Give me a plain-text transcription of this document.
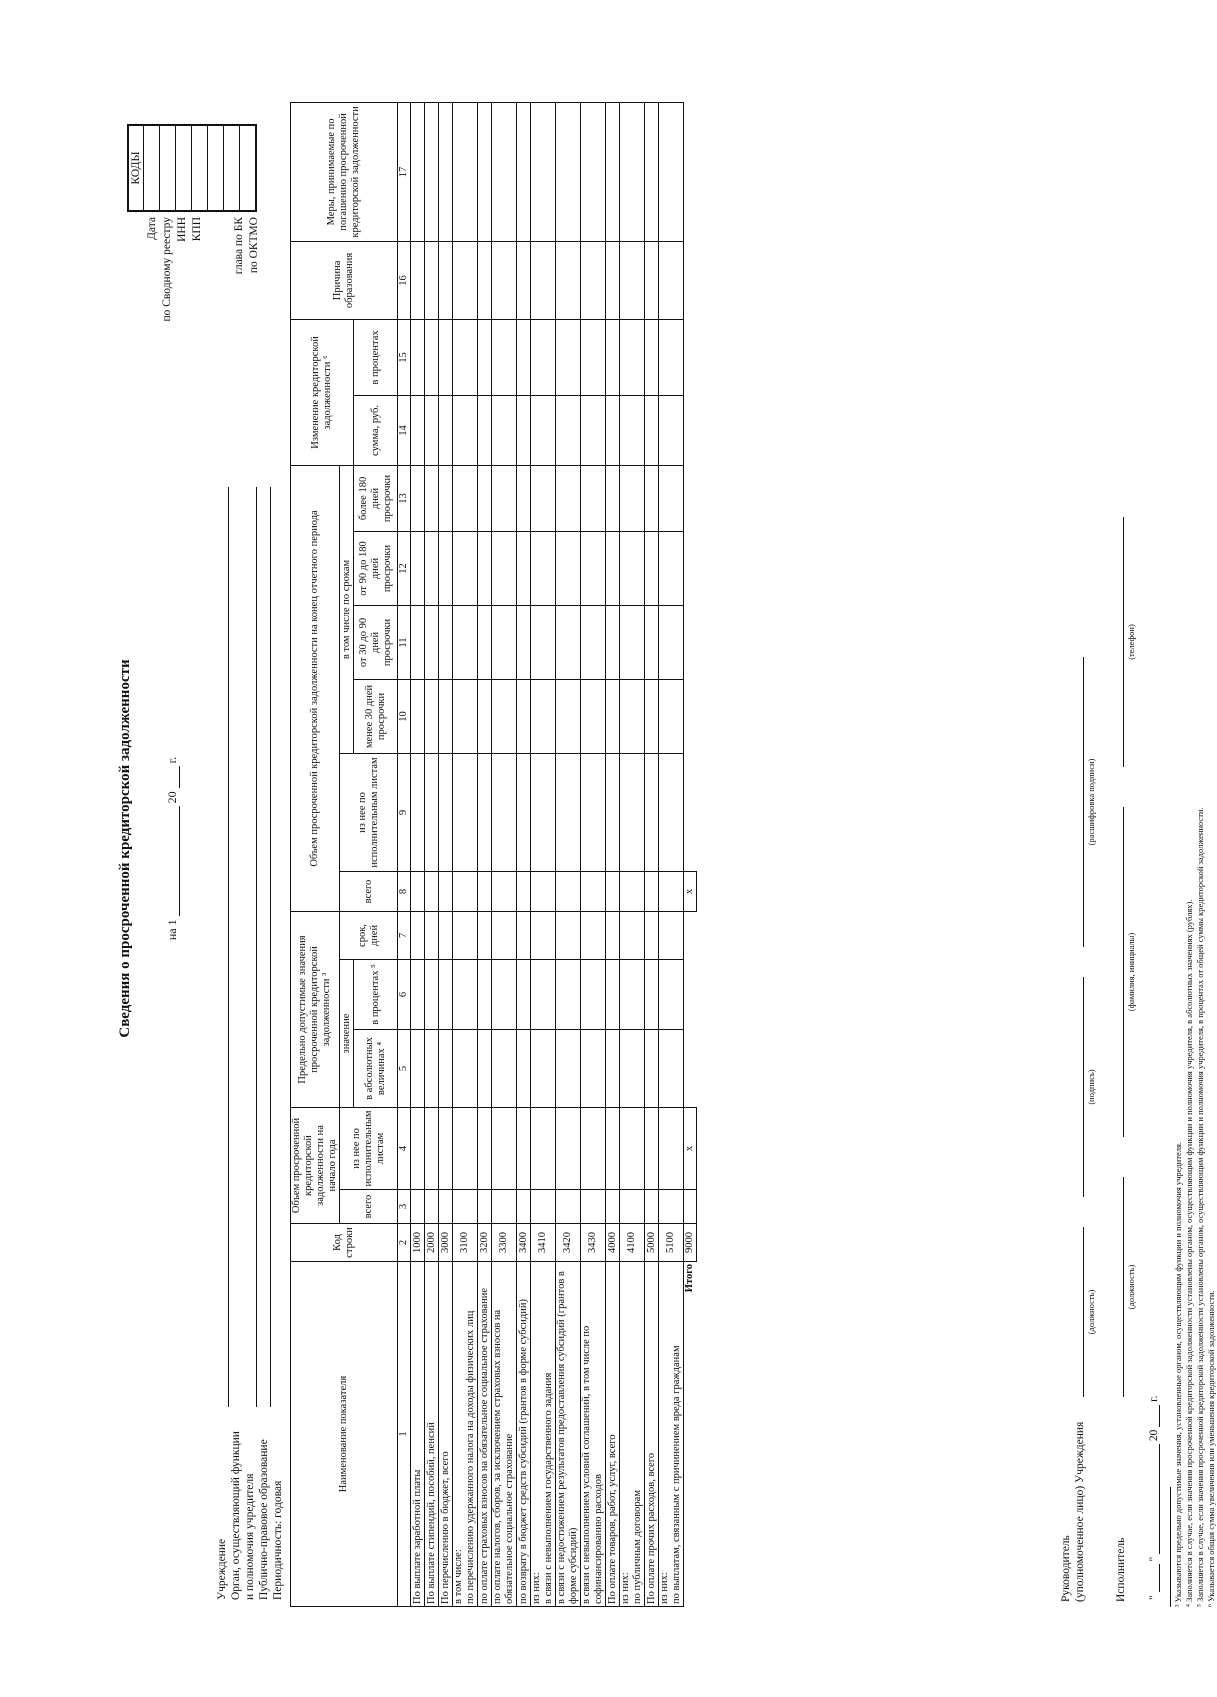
Сведения о просроченной кредиторской задолженности	на 1  20  г.
КОДЫ

Дата по Сводному реестру ИНН КПП	глава по БК по ОКТМО
Учреждение Орган, осуществляющий функции и полномочия учредителя Публично-правовое образование Периодичность: годовая
Наименование показателя	Код строки	Объем просроченной кредиторской задолженности на начало года		Предельно допустимые значения просроченной кредиторской задолженности ³			Объем просроченной кредиторской задолженности на конец отчетного периода						Изменение кредиторской задолженности ⁶		Причина образования	Меры, принимаемые по погашению просроченной кредиторской задолженности

		всего	из нее по исполнительным листам	значение		срок, дней	всего	из нее по исполнительным листам	в том числе по срокам							
				в абсолютных величинах ⁴	в процентах ⁵				менее 30 дней просрочки	от 30 до 90 дней просрочки	от 90 до 180 дней просрочки	более 180 дней просрочки	сумма, руб.	в процентах		
1	2	3	4	5	6	7	8	9	10	11	12	13	14	15	16	17
По выплате заработной платы	1000															
По выплате стипендий, пособий, пенсий	2000															
По перечислению в бюджет, всего	3000															
в том числе:
по перечислению удержанного налога на доходы физических лиц	3100															
по оплате страховых взносов на обязательное социальное страхование	3200															
по оплате налогов, сборов, за исключением страховых взносов на обязательное социальное страхование	3300															
по возврату в бюджет средств субсидий (грантов в форме субсидий)	3400															
из них:
в связи с невыполнением государственного задания	3410															
в связи с недостижением результатов предоставления субсидий (грантов в форме субсидий)	3420															
в связи с невыполнением условий соглашений, в том числе по софинансированию расходов	3430															
По оплате товаров, работ, услуг, всего	4000															
из них:
по публичным договорам	4100															
По оплате прочих расходов, всего	5000															
из них:
по выплатам, связанным с причинением вреда гражданам	5100															
Итого	9000		х				х									
Руководитель (уполномоченное лицо) Учреждения
(должность)
(подпись)
(расшифровка подписи)
Исполнитель
(должность)
(фамилия, инициалы)
(телефон)
"  "  20  г. ³ Указываются предельно допустимые значения, установленные органом, осуществляющим функции и полномочия учредителя. ⁴ Заполняется в случае, если значения просроченной кредиторской задолженности установлены органом, осуществляющим функции и полномочия учредителя, в абсолютных значениях (рублях). ⁵ Заполняется в случае, если значения просроченной кредиторской задолженности установлены органом, осуществляющим функции и полномочия учредителя, в процентах от общей суммы кредиторской задолженности. ⁶ Указывается общая сумма увеличения или уменьшения кредиторской задолженности.
